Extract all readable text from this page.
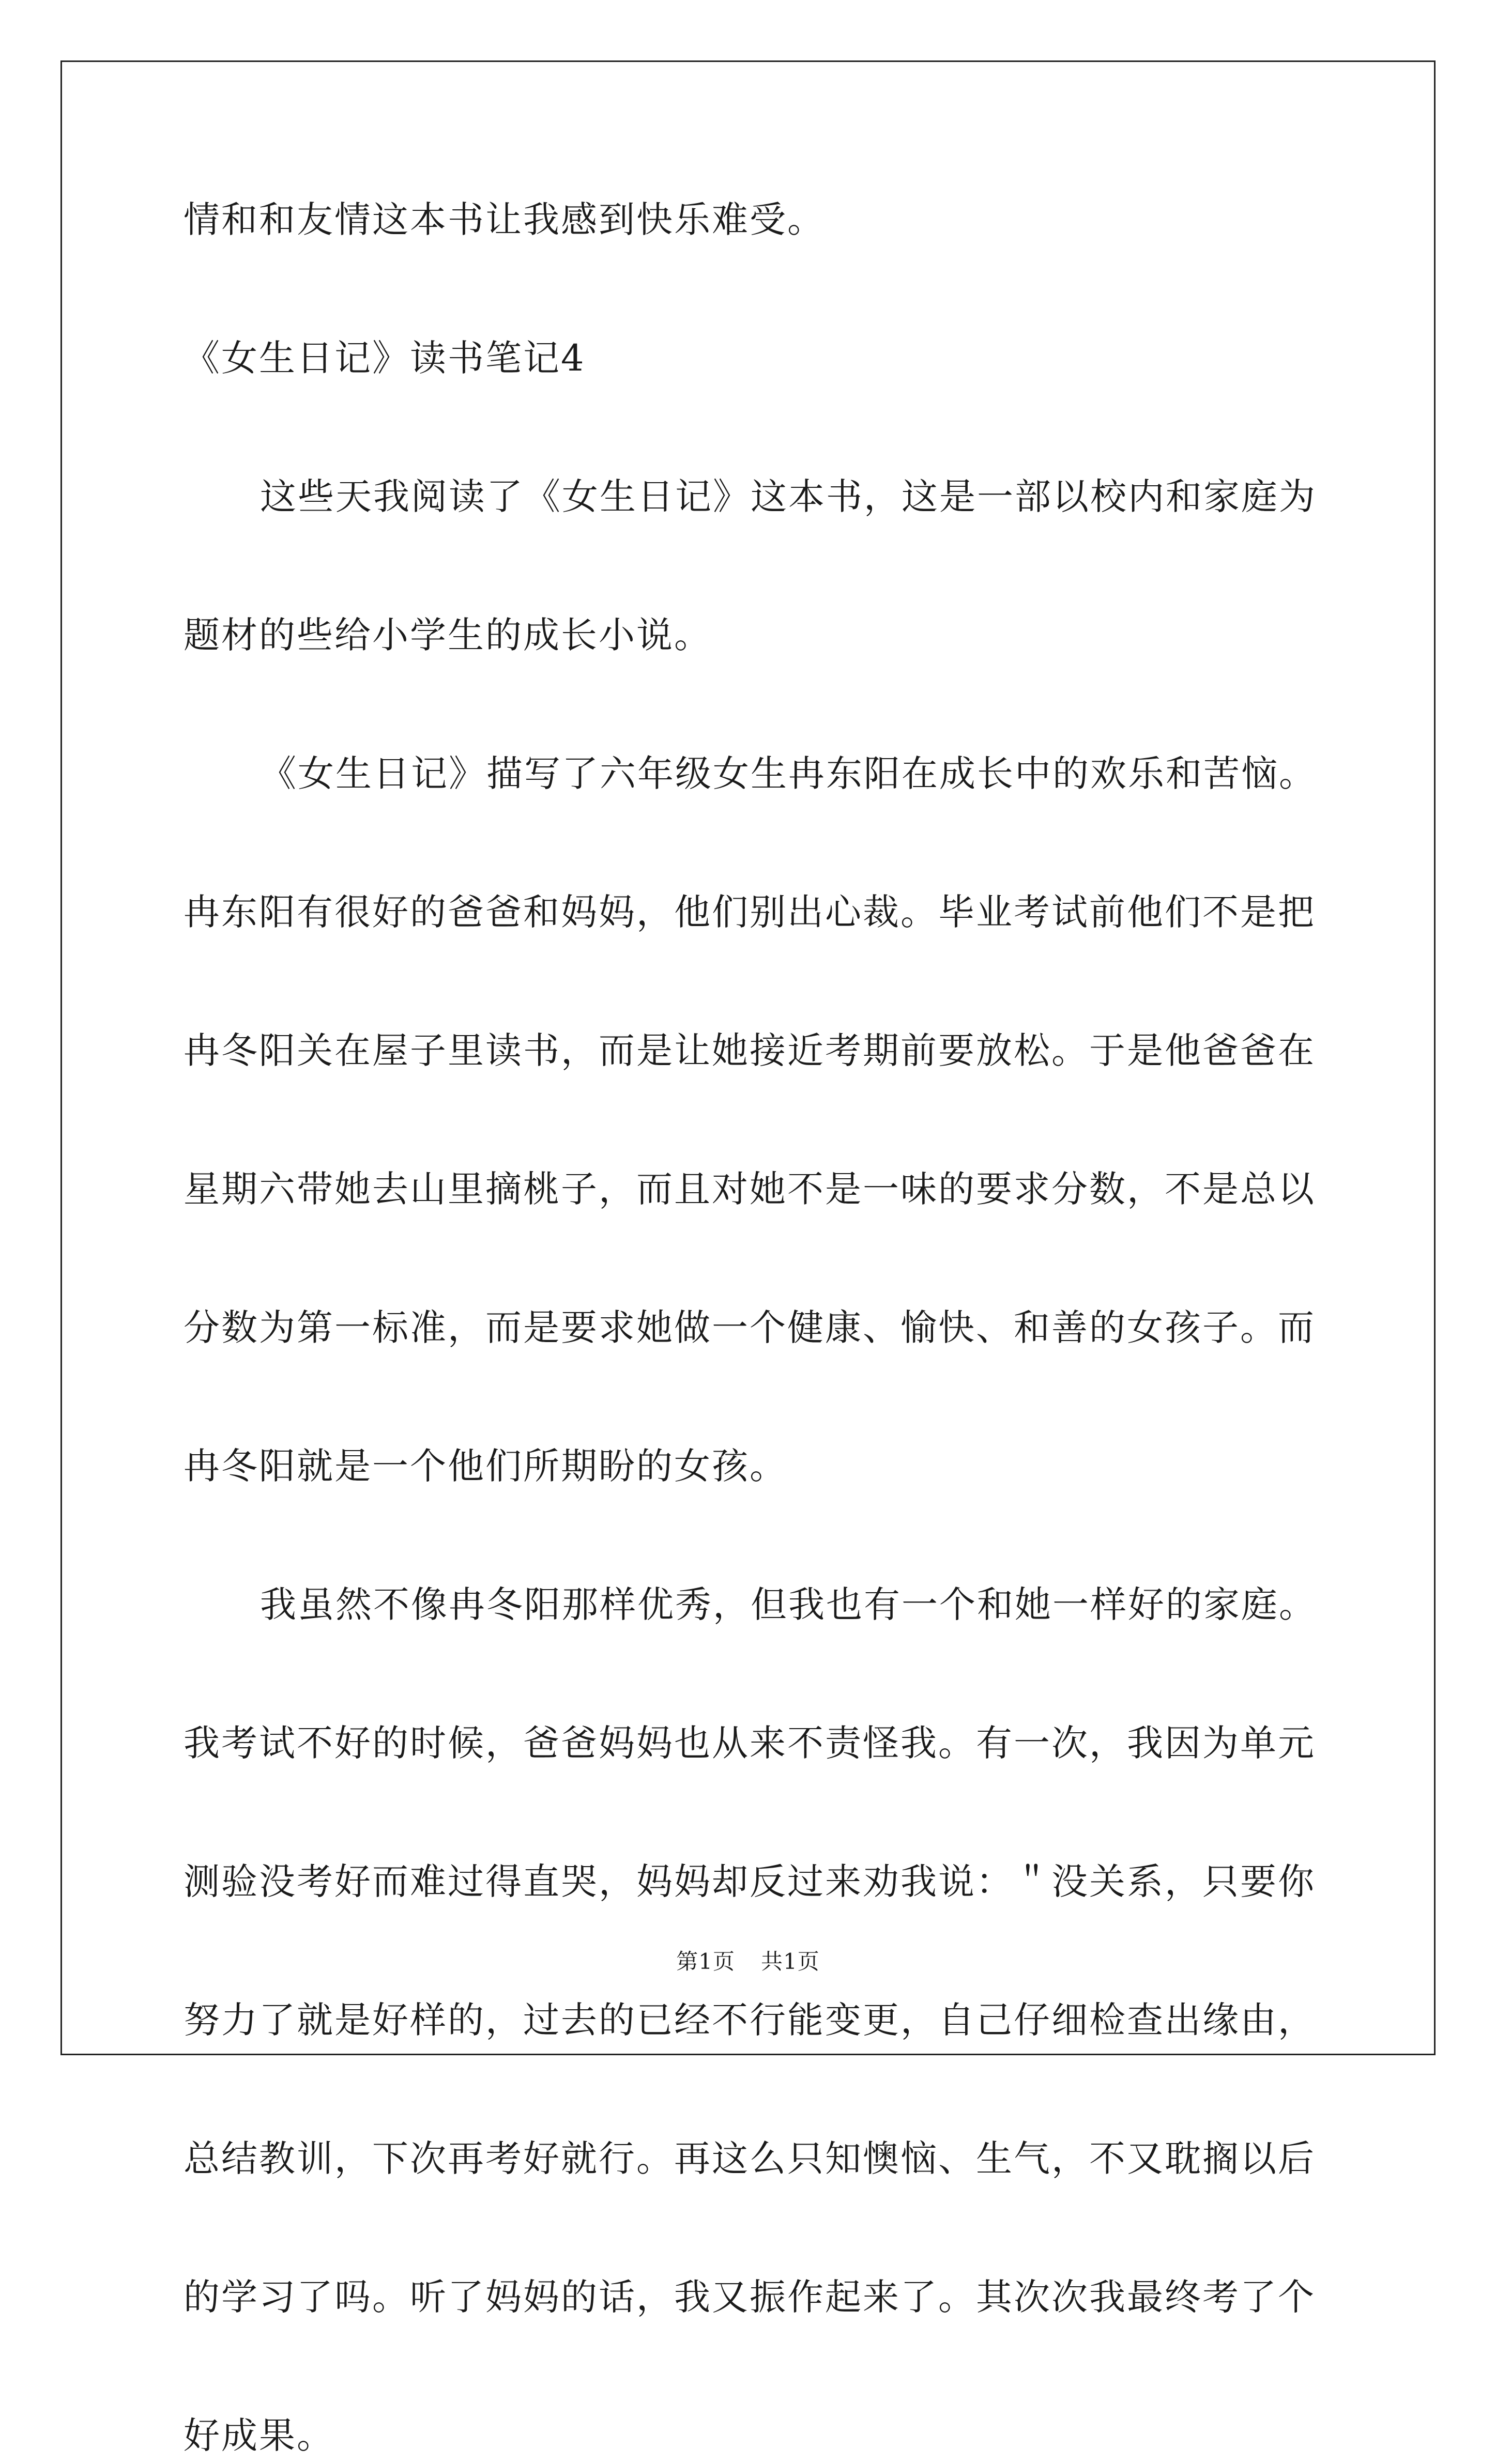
情和和友情这本书让我感到快乐难受。

《女生日记》读书笔记4

这些天我阅读了《女生日记》这本书，这是一部以校内和家庭为

题材的些给小学生的成长小说。

《女生日记》描写了六年级女生冉东阳在成长中的欢乐和苦恼。

冉东阳有很好的爸爸和妈妈，他们别出心裁。毕业考试前他们不是把

冉冬阳关在屋子里读书，而是让她接近考期前要放松。于是他爸爸在

星期六带她去山里摘桃子，而且对她不是一味的要求分数，不是总以

分数为第一标准，而是要求她做一个健康、愉快、和善的女孩子。而

冉冬阳就是一个他们所期盼的女孩。

我虽然不像冉冬阳那样优秀，但我也有一个和她一样好的家庭。

我考试不好的时候，爸爸妈妈也从来不责怪我。有一次，我因为单元

测验没考好而难过得直哭，妈妈却反过来劝我说：＂没关系，只要你

努力了就是好样的，过去的已经不行能变更，自己仔细检查出缘由，

总结教训，下次再考好就行。再这么只知懊恼、生气，不又耽搁以后

的学习了吗。听了妈妈的话，我又振作起来了。其次次我最终考了个

好成果。

第1页 共1页
